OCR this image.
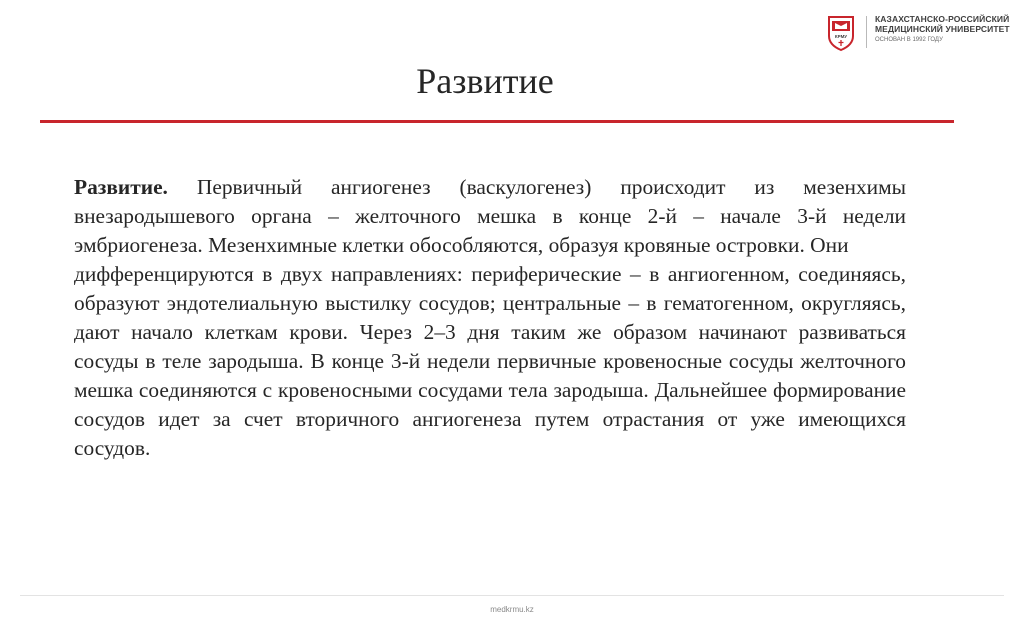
КРМУ
КАЗАХСТАНСКО-РОССИЙСКИЙ
МЕДИЦИНСКИЙ УНИВЕРСИТЕТ
ОСНОВАН В 1992 ГОДУ
Развитие
Развитие. Первичный ангиогенез (васкулогенез) происходит из мезенхимы внезародышевого органа – желточного мешка в конце 2-й – начале 3-й недели эмбриогенеза. Мезенхимные клетки обособляются, образуя кровяные островки. Они
дифференцируются в двух направлениях: периферические – в ангиогенном, соединяясь, образуют эндотелиальную выстилку сосудов; центральные – в гематогенном, округляясь, дают начало клеткам крови. Через 2–3 дня таким же образом начинают развиваться сосуды в теле зародыша. В конце 3-й недели первичные кровеносные сосуды желточного мешка соединяются с кровеносными сосудами тела зародыша. Дальнейшее формирование сосудов идет за счет вторичного ангиогенеза путем отрастания от уже имеющихся сосудов.
medkrmu.kz
